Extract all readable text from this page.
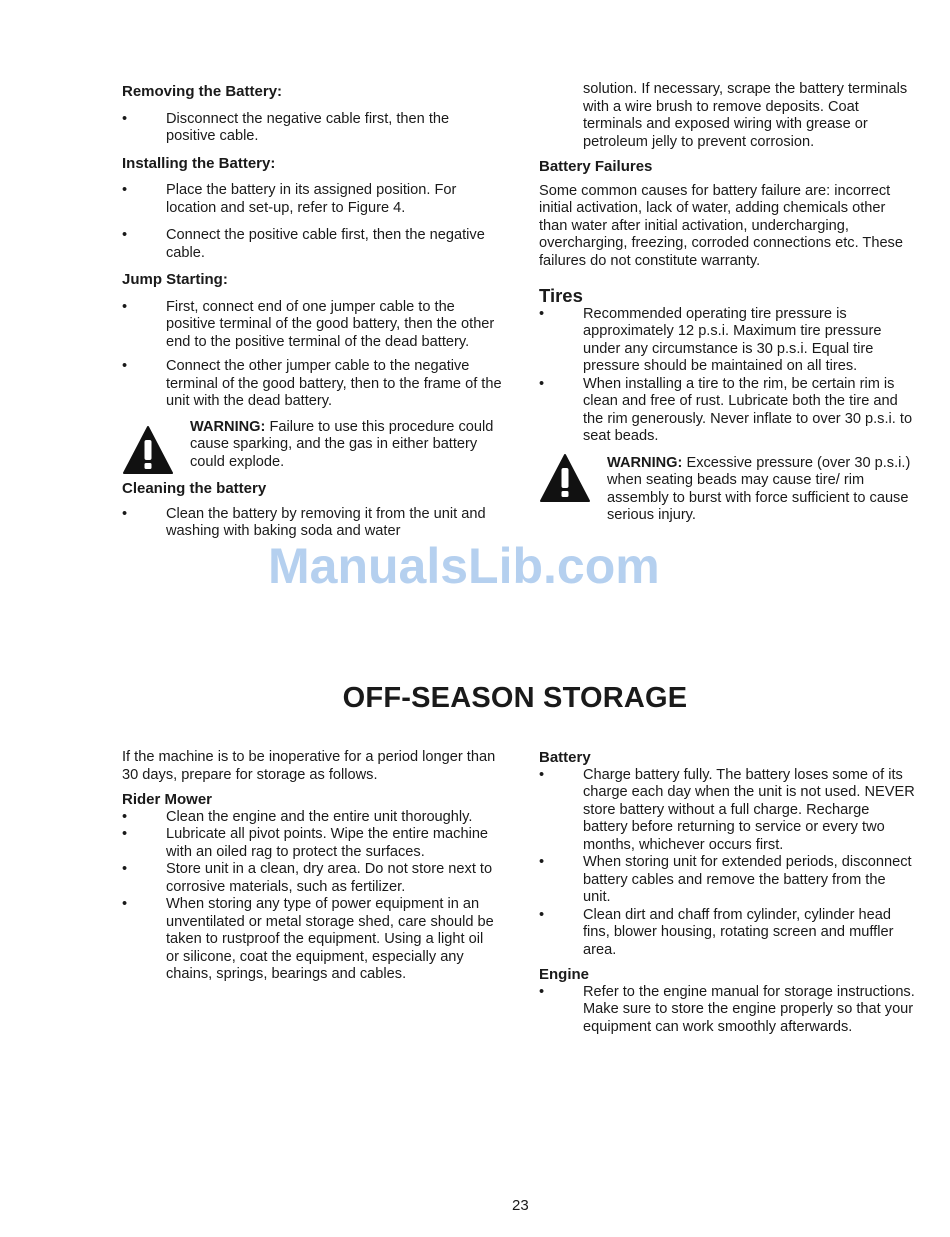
Removing the Battery:

•	Disconnect the negative cable first, then the positive cable.

Installing the Battery:

•	Place the battery in its assigned position. For location and set-up, refer to Figure 4.
•	Connect the positive cable first, then the negative cable.

Jump Starting:

•	First, connect end of one jumper cable to the positive terminal of the good battery, then the other end to the positive terminal of the dead battery.
•	Connect the other jumper cable to the negative terminal of the good battery, then to the frame of the unit with the dead battery.
WARNING: Failure to use this procedure could cause sparking, and the gas in either battery could explode.

Cleaning the battery

•	Clean the battery by removing it from the unit and washing with baking soda and water

solution. If necessary, scrape the battery terminals with a wire brush to remove deposits. Coat terminals and exposed wiring with grease or petroleum jelly to prevent corrosion.

Battery Failures

Some common causes for battery failure are: incorrect initial activation, lack of water, adding chemicals other than water after initial activation, undercharging, overcharging, freezing, corroded connections etc. These failures do not constitute warranty.

Tires

•	Recommended operating tire pressure is approximately 12 p.s.i. Maximum tire pressure under any circumstance is 30 p.s.i. Equal tire pressure should be maintained on all tires.
•	When installing a tire to the rim, be certain rim is clean and free of rust. Lubricate both the tire and the rim generously. Never inflate to over 30 p.s.i. to seat beads.
WARNING: Excessive pressure (over 30 p.s.i.) when seating beads may cause tire/ rim assembly to burst with force sufficient to cause serious injury.
ManualsLib.com
OFF-SEASON STORAGE

If the machine is to be inoperative for a period longer than 30 days, prepare for storage as follows.

Rider Mower

•	Clean the engine and the entire unit thoroughly.
•	Lubricate all pivot points. Wipe the entire machine with an oiled rag to protect the surfaces.
•	Store unit in a clean, dry area. Do not store next to corrosive materials, such as fertilizer.
•	When storing any type of power equipment in an unventilated or metal storage shed, care should be taken to rustproof the equipment. Using a light oil or silicone, coat the equipment, especially any chains, springs, bearings and cables.

Battery

•	Charge battery fully. The battery loses some of its charge each day when the unit is not used. NEVER store battery without a full charge. Recharge battery before returning to service or every two months, whichever occurs first.
•	When storing unit for extended periods, disconnect battery cables and remove the battery from the unit.
•	Clean dirt and chaff from cylinder, cylinder head fins, blower housing, rotating screen and muffler area.

Engine

•	Refer to the engine manual for storage instructions. Make sure to store the engine properly so that your equipment can work smoothly afterwards.
23
